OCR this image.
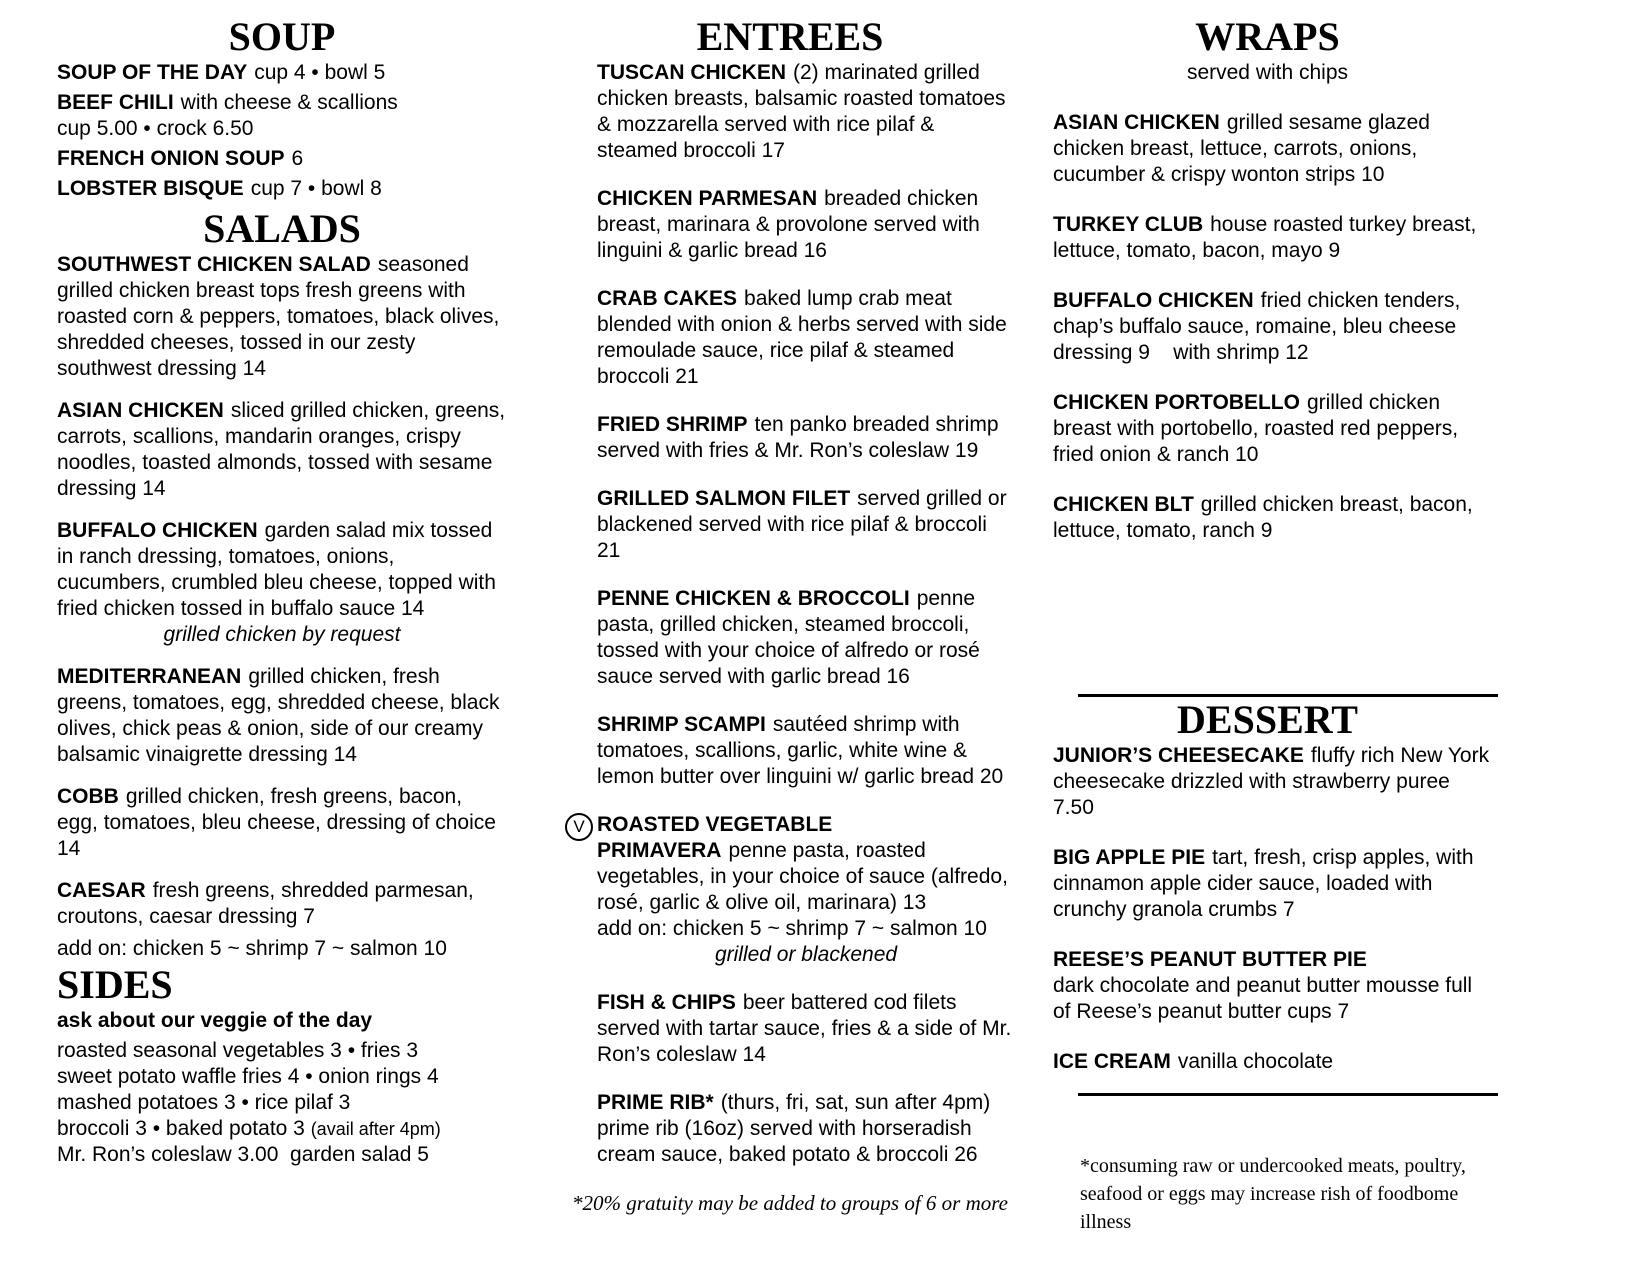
SOUP

SOUP OF THE DAY cup 4 • bowl 5

BEEF CHILI with cheese & scallions
cup 5.00 • crock 6.50

FRENCH ONION SOUP 6

LOBSTER BISQUE cup 7 • bowl 8

SALADS

SOUTHWEST CHICKEN SALAD seasoned grilled chicken breast tops fresh greens with roasted corn & peppers, tomatoes, black olives, shredded cheeses, tossed in our zesty southwest dressing 14

ASIAN CHICKEN sliced grilled chicken, greens, carrots, scallions, mandarin oranges, crispy noodles, toasted almonds, tossed with sesame dressing 14

BUFFALO CHICKEN garden salad mix tossed in ranch dressing, tomatoes, onions, cucumbers, crumbled bleu cheese, topped with fried chicken tossed in buffalo sauce 14

grilled chicken by request

MEDITERRANEAN grilled chicken, fresh greens, tomatoes, egg, shredded cheese, black olives, chick peas & onion, side of our creamy balsamic vinaigrette dressing 14

COBB grilled chicken, fresh greens, bacon, egg, tomatoes, bleu cheese, dressing of choice 14

CAESAR fresh greens, shredded parmesan, croutons, caesar dressing 7

add on: chicken 5 ~ shrimp 7 ~ salmon 10

SIDES

ask about our veggie of the day

roasted seasonal vegetables 3 • fries 3
sweet potato waffle fries 4 • onion rings 4
mashed potatoes 3 • rice pilaf 3
broccoli 3 • baked potato 3 (avail after 4pm)
Mr. Ron’s coleslaw 3.00  garden salad 5

ENTREES

TUSCAN CHICKEN (2) marinated grilled chicken breasts, balsamic roasted tomatoes & mozzarella served with rice pilaf & steamed broccoli 17

CHICKEN PARMESAN breaded chicken breast, marinara & provolone served with linguini & garlic bread 16

CRAB CAKES baked lump crab meat blended with onion & herbs served with side remoulade sauce, rice pilaf & steamed broccoli 21

FRIED SHRIMP ten panko breaded shrimp served with fries & Mr. Ron’s coleslaw 19

GRILLED SALMON FILET served grilled or blackened served with rice pilaf & broccoli 21

PENNE CHICKEN & BROCCOLI penne pasta, grilled chicken, steamed broccoli, tossed with your choice of alfredo or rosé sauce served with garlic bread 16

SHRIMP SCAMPI sautéed shrimp with tomatoes, scallions, garlic, white wine & lemon butter over linguini w/ garlic bread 20

V ROASTED VEGETABLE PRIMAVERA penne pasta, roasted vegetables, in your choice of sauce (alfredo, rosé, garlic & olive oil, marinara) 13
add on: chicken 5 ~ shrimp 7 ~ salmon 10

grilled or blackened

FISH & CHIPS beer battered cod filets served with tartar sauce, fries & a side of Mr. Ron’s coleslaw 14

PRIME RIB* (thurs, fri, sat, sun after 4pm)
prime rib (16oz) served with horseradish cream sauce, baked potato & broccoli 26

*20% gratuity may be added to groups of 6 or more

WRAPS

served with chips

ASIAN CHICKEN grilled sesame glazed chicken breast, lettuce, carrots, onions, cucumber & crispy wonton strips 10

TURKEY CLUB house roasted turkey breast, lettuce, tomato, bacon, mayo 9

BUFFALO CHICKEN fried chicken tenders, chap’s buffalo sauce, romaine, bleu cheese dressing 9    with shrimp 12

CHICKEN PORTOBELLO grilled chicken breast with portobello, roasted red peppers, fried onion & ranch 10

CHICKEN BLT grilled chicken breast, bacon, lettuce, tomato, ranch 9

DESSERT

JUNIOR’S CHEESECAKE fluffy rich New York cheesecake drizzled with strawberry puree 7.50

BIG APPLE PIE tart, fresh, crisp apples, with cinnamon apple cider sauce, loaded with crunchy granola crumbs 7

REESE’S PEANUT BUTTER PIE
dark chocolate and peanut butter mousse full of Reese’s peanut butter cups 7

ICE CREAM vanilla chocolate

*consuming raw or undercooked meats, poultry, seafood or eggs may increase rish of foodbome illness
